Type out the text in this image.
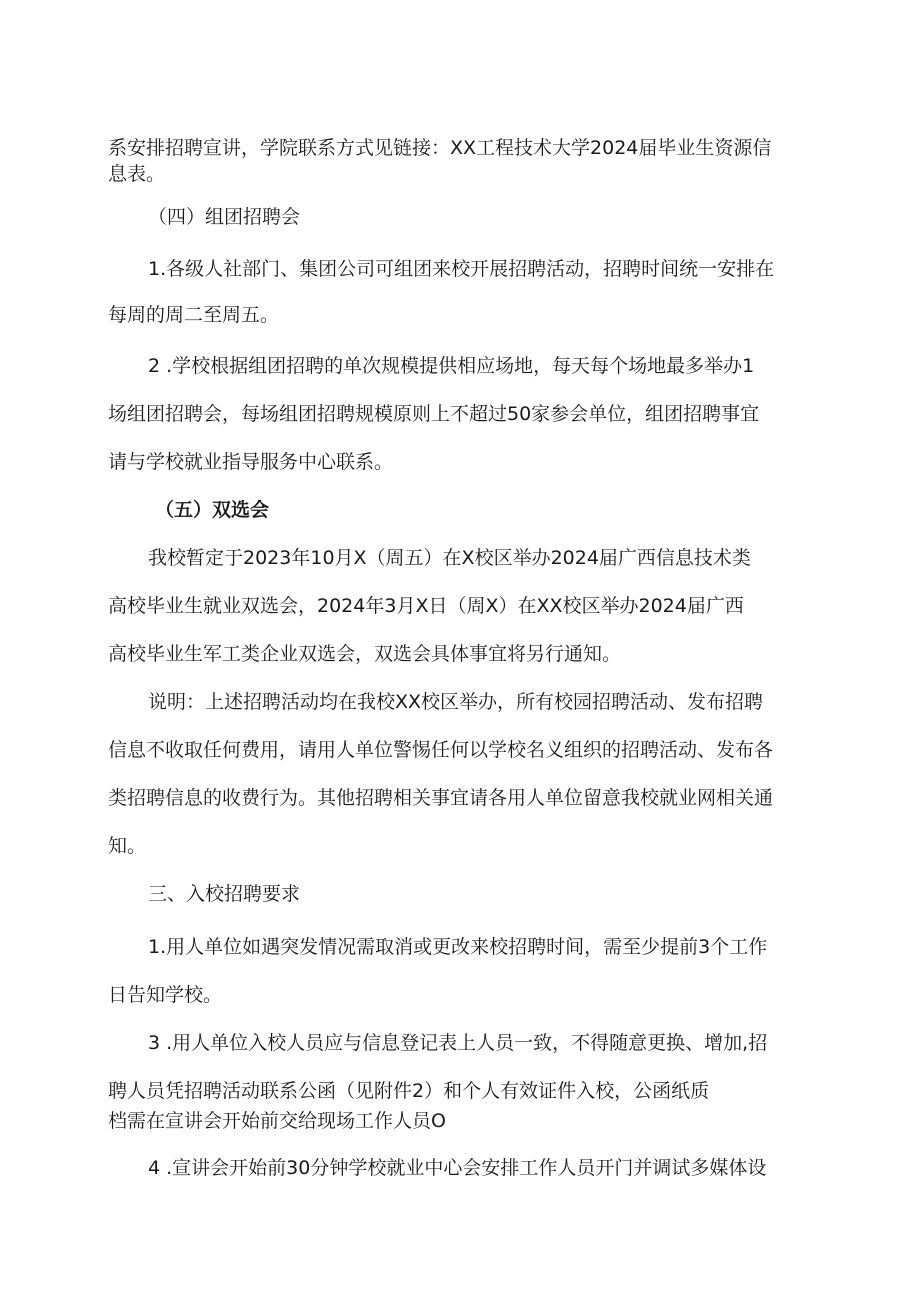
系安排招聘宣讲，学院联系方式见链接：XX工程技术大学2024届毕业生资源信
息表。
（四）组团招聘会
1.各级人社部门、集团公司可组团来校开展招聘活动，招聘时间统一安排在
每周的周二至周五。
2 .学校根据组团招聘的单次规模提供相应场地，每天每个场地最多举办1
场组团招聘会，每场组团招聘规模原则上不超过50家参会单位，组团招聘事宜
请与学校就业指导服务中心联系。
（五）双选会
我校暂定于2023年10月X（周五）在X校区举办2024届广西信息技术类
高校毕业生就业双选会，2024年3月X日（周X）在XX校区举办2024届广西
高校毕业生军工类企业双选会，双选会具体事宜将另行通知。
说明：上述招聘活动均在我校XX校区举办，所有校园招聘活动、发布招聘
信息不收取任何费用，请用人单位警惕任何以学校名义组织的招聘活动、发布各
类招聘信息的收费行为。其他招聘相关事宜请各用人单位留意我校就业网相关通
知。
三、入校招聘要求
1.用人单位如遇突发情况需取消或更改来校招聘时间，需至少提前3个工作
日告知学校。
3 .用人单位入校人员应与信息登记表上人员一致，不得随意更换、增加,招
聘人员凭招聘活动联系公函（见附件2）和个人有效证件入校，公函纸质
档需在宣讲会开始前交给现场工作人员O
4 .宣讲会开始前30分钟学校就业中心会安排工作人员开门并调试多媒体设
